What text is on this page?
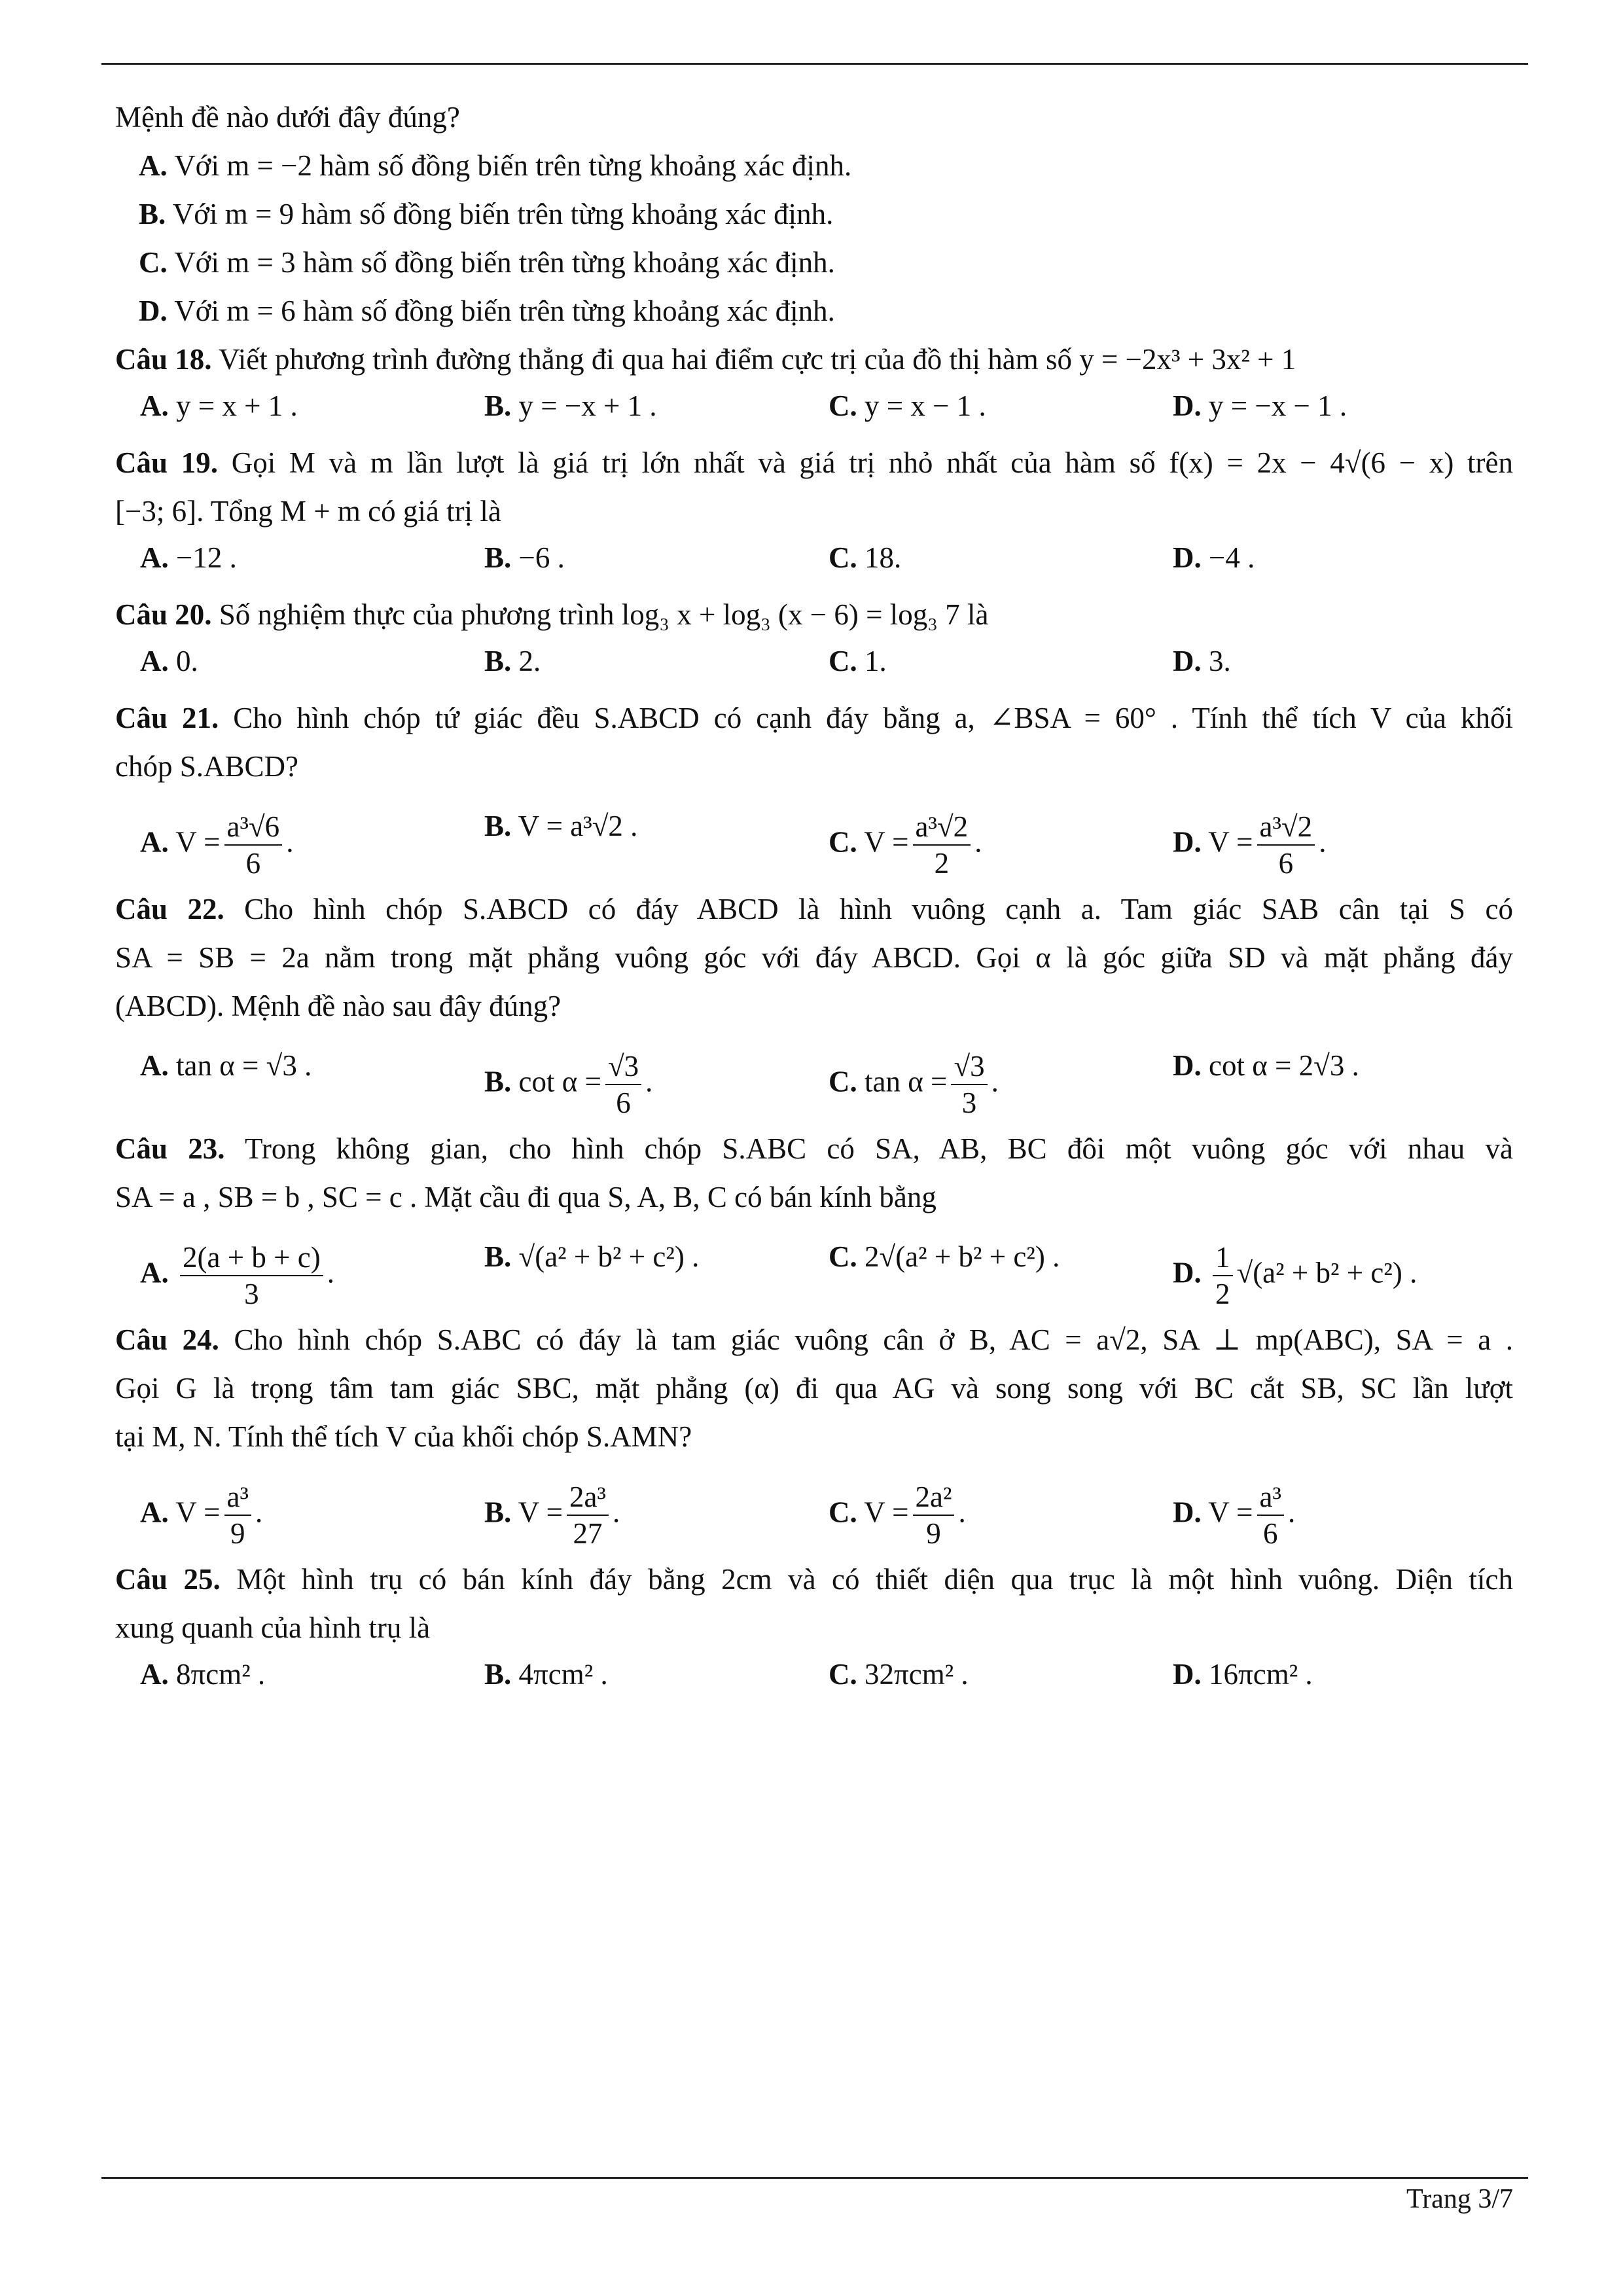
Mệnh đề nào dưới đây đúng?
A. Với m = −2 hàm số đồng biến trên từng khoảng xác định.
B. Với m = 9 hàm số đồng biến trên từng khoảng xác định.
C. Với m = 3 hàm số đồng biến trên từng khoảng xác định.
D. Với m = 6 hàm số đồng biến trên từng khoảng xác định.
Câu 18. Viết phương trình đường thẳng đi qua hai điểm cực trị của đồ thị hàm số y = −2x³ + 3x² + 1
A. y = x + 1 .	B. y = −x + 1 .	C. y = x − 1 .	D. y = −x − 1 .
Câu 19. Gọi M và m lần lượt là giá trị lớn nhất và giá trị nhỏ nhất của hàm số f(x) = 2x − 4√(6 − x) trên
[−3; 6]. Tổng M + m có giá trị là
A. −12 .	B. −6 .	C. 18.	D. −4 .
Câu 20. Số nghiệm thực của phương trình log₃ x + log₃ (x − 6) = log₃ 7 là
A. 0.	B. 2.	C. 1.	D. 3.
Câu 21. Cho hình chóp tứ giác đều S.ABCD có cạnh đáy bằng a, ∠BSA = 60° . Tính thể tích V của khối
chóp S.ABCD?
A. $V = \frac{\text{a³√6}}{6}$ .	B. V = a³√2 .	C. $V = \frac{\text{a³√2}}{2}$ .	D. $V = \frac{\text{a³√2}}{6}$ .
Câu 22. Cho hình chóp S.ABCD có đáy ABCD là hình vuông cạnh a. Tam giác SAB cân tại S có
SA = SB = 2a nằm trong mặt phẳng vuông góc với đáy ABCD. Gọi α là góc giữa SD và mặt phẳng đáy
(ABCD). Mệnh đề nào sau đây đúng?
A. tan α = √3 .	B. $\cot \alpha = \frac{√3}{6}$ .	C. $\tan \alpha = \frac{√3}{3}$ .	D. cot α = 2√3 .
Câu 23. Trong không gian, cho hình chóp S.ABC có SA, AB, BC đôi một vuông góc với nhau và
SA = a , SB = b , SC = c . Mặt cầu đi qua S, A, B, C có bán kính bằng
A. $\frac{2(a + b + c)}{3}$ .	B. √(a² + b² + c²) .	C. 2√(a² + b² + c²) .	D. $\frac{1}{2} √(a^2 + b^2 + c^2)$ .
Câu 24. Cho hình chóp S.ABC có đáy là tam giác vuông cân ở B, AC = a√2, SA ⊥ mp(ABC), SA = a .
Gọi G là trọng tâm tam giác SBC, mặt phẳng (α) đi qua AG và song song với BC cắt SB, SC lần lượt
tại M, N. Tính thể tích V của khối chóp S.AMN?
A. $V = \frac{\text{a³}}{9}$ .	B. $V = \frac{\text{2a³}}{27}$ .	C. $V = \frac{\text{2a²}}{9}$ .	D. $V = \frac{\text{a³}}{6}$ .
Câu 25. Một hình trụ có bán kính đáy bằng 2cm và có thiết diện qua trục là một hình vuông. Diện tích
xung quanh của hình trụ là
A. 8πcm² .	B. 4πcm² .	C. 32πcm² .	D. 16πcm² .
Trang 3/7
